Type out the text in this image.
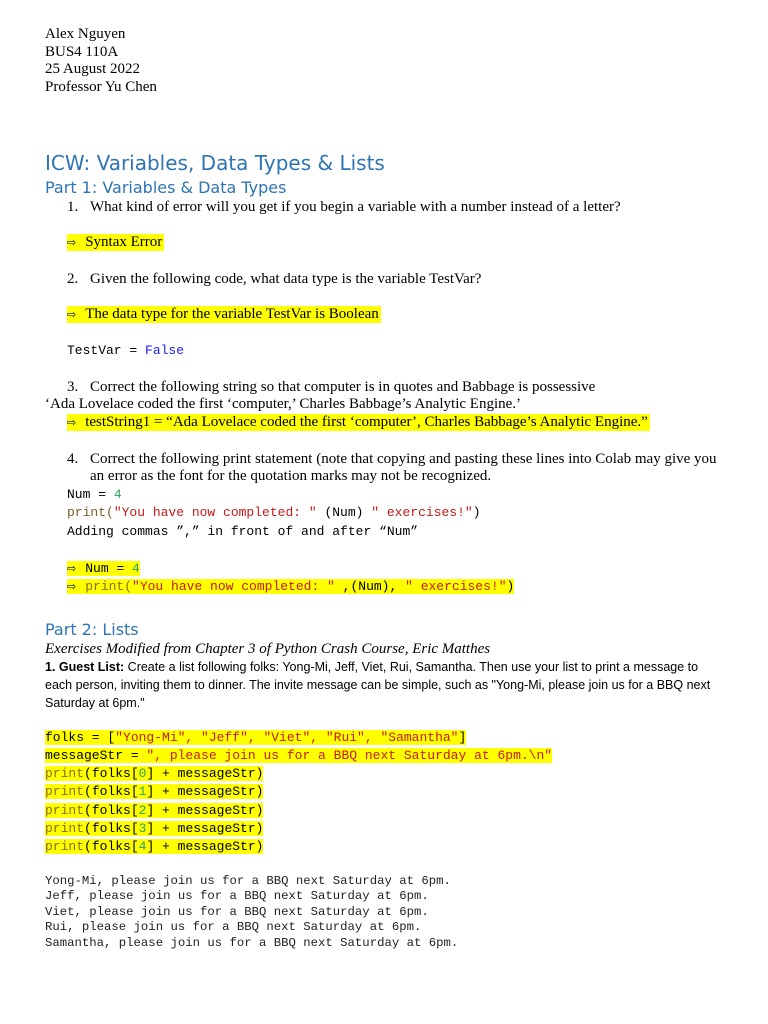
Alex Nguyen
BUS4 110A
25 August 2022
Professor Yu Chen
ICW: Variables, Data Types & Lists
Part 1: Variables & Data Types
1. What kind of error will you get if you begin a variable with a number instead of a letter?
⇨ Syntax Error
2. Given the following code, what data type is the variable TestVar?
⇨ The data type for the variable TestVar is Boolean
TestVar = False
3. Correct the following string so that computer is in quotes and Babbage is possessive
‘Ada Lovelace coded the first ‘computer,’ Charles Babbage’s Analytic Engine.’
⇨ testString1 = “Ada Lovelace coded the first ‘computer’, Charles Babbage’s Analytic Engine.”
4. Correct the following print statement (note that copying and pasting these lines into Colab may give you
an error as the font for the quotation marks may not be recognized.
Num = 4
print("You have now completed: " (Num) " exercises!")
Adding commas ”,” in front of and after “Num”
⇨ Num = 4
⇨ print("You have now completed: " ,(Num), " exercises!")
Part 2: Lists
Exercises Modified from Chapter 3 of Python Crash Course, Eric Matthes
1. Guest List: Create a list following folks: Yong-Mi, Jeff, Viet, Rui, Samantha. Then use your list to print a message to
each person, inviting them to dinner. The invite message can be simple, such as "Yong-Mi, please join us for a BBQ next
Saturday at 6pm."
folks = ["Yong-Mi", "Jeff", "Viet", "Rui", "Samantha"]
messageStr = ", please join us for a BBQ next Saturday at 6pm.\n"
print(folks[0] + messageStr)
print(folks[1] + messageStr)
print(folks[2] + messageStr)
print(folks[3] + messageStr)
print(folks[4] + messageStr)
Yong-Mi, please join us for a BBQ next Saturday at 6pm.
Jeff, please join us for a BBQ next Saturday at 6pm.
Viet, please join us for a BBQ next Saturday at 6pm.
Rui, please join us for a BBQ next Saturday at 6pm.
Samantha, please join us for a BBQ next Saturday at 6pm.
